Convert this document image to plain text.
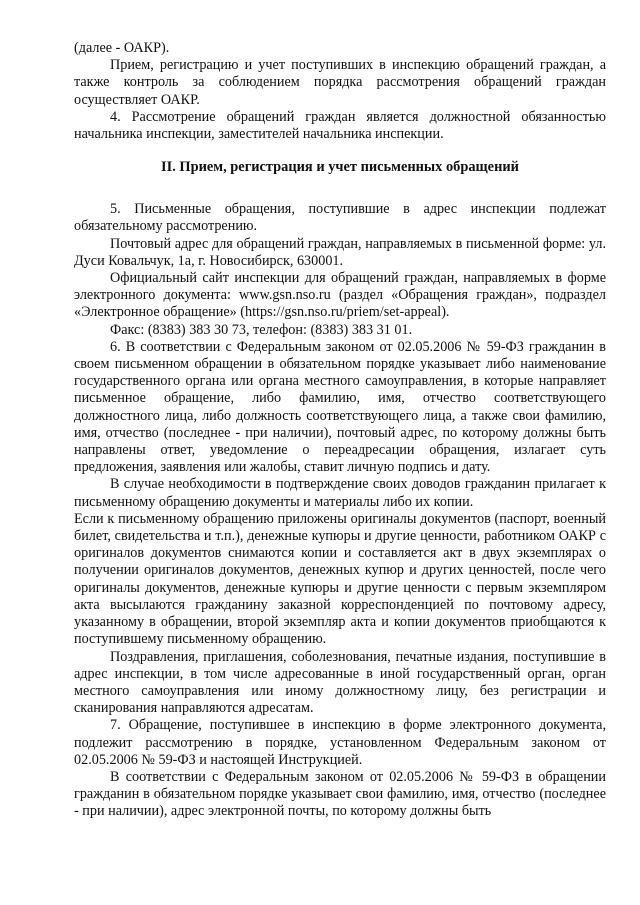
(далее - ОАКР).

Прием, регистрацию и учет поступивших в инспекцию обращений граждан, а также контроль за соблюдением порядка рассмотрения обращений граждан осуществляет ОАКР.

4. Рассмотрение обращений граждан является должностной обязанностью начальника инспекции, заместителей начальника инспекции.

II. Прием, регистрация и учет письменных обращений

5. Письменные обращения, поступившие в адрес инспекции подлежат обязательному рассмотрению.

Почтовый адрес для обращений граждан, направляемых в письменной форме: ул. Дуси Ковальчук, 1а, г. Новосибирск, 630001.

Официальный сайт инспекции для обращений граждан, направляемых в форме электронного документа: www.gsn.nso.ru (раздел «Обращения граждан», подраздел «Электронное обращение» (https://gsn.nso.ru/priem/set-appeal).

Факс: (8383) 383 30 73, телефон: (8383) 383 31 01.

6. В соответствии с Федеральным законом от 02.05.2006 № 59-ФЗ гражданин в своем письменном обращении в обязательном порядке указывает либо наименование государственного органа или органа местного самоуправления, в которые направляет письменное обращение, либо фамилию, имя, отчество соответствующего должностного лица, либо должность соответствующего лица, а также свои фамилию, имя, отчество (последнее - при наличии), почтовый адрес, по которому должны быть направлены ответ, уведомление о переадресации обращения, излагает суть предложения, заявления или жалобы, ставит личную подпись и дату.

В случае необходимости в подтверждение своих доводов гражданин прилагает к письменному обращению документы и материалы либо их копии.

Если к письменному обращению приложены оригиналы документов (паспорт, военный билет, свидетельства и т.п.), денежные купюры и другие ценности, работником ОАКР с оригиналов документов снимаются копии и составляется акт в двух экземплярах о получении оригиналов документов, денежных купюр и других ценностей, после чего оригиналы документов, денежные купюры и другие ценности с первым экземпляром акта высылаются гражданину заказной корреспонденцией по почтовому адресу, указанному в обращении, второй экземпляр акта и копии документов приобщаются к поступившему письменному обращению.

Поздравления, приглашения, соболезнования, печатные издания, поступившие в адрес инспекции, в том числе адресованные в иной государственный орган, орган местного самоуправления или иному должностному лицу, без регистрации и сканирования направляются адресатам.

7. Обращение, поступившее в инспекцию в форме электронного документа, подлежит рассмотрению в порядке, установленном Федеральным законом от 02.05.2006 № 59-ФЗ и настоящей Инструкцией.

В соответствии с Федеральным законом от 02.05.2006 № 59-ФЗ в обращении гражданин в обязательном порядке указывает свои фамилию, имя, отчество (последнее - при наличии), адрес электронной почты, по которому должны быть
